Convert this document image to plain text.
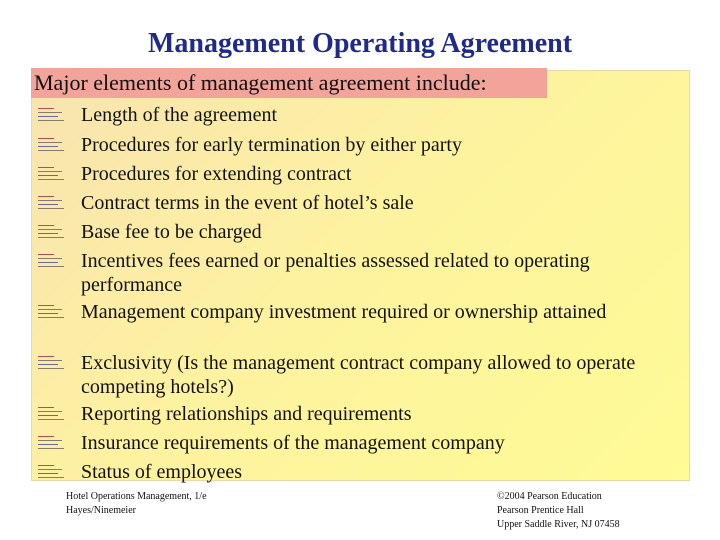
Management Operating Agreement
Major elements of management agreement include:

Length of the agreement

Procedures for early termination by either party

Procedures for extending contract

Contract terms in the event of hotel’s sale

Base fee to be charged

Incentives fees earned or penalties assessed related to operating performance

Management company investment required or ownership attained

Exclusivity (Is the management contract company allowed to operate competing hotels?)

Reporting relationships and requirements

Insurance requirements of the management company

Status of employees

Hotel Operations Management, 1/e
Hayes/Ninemeier
©2004 Pearson Education
Pearson Prentice Hall
Upper Saddle River, NJ 07458
